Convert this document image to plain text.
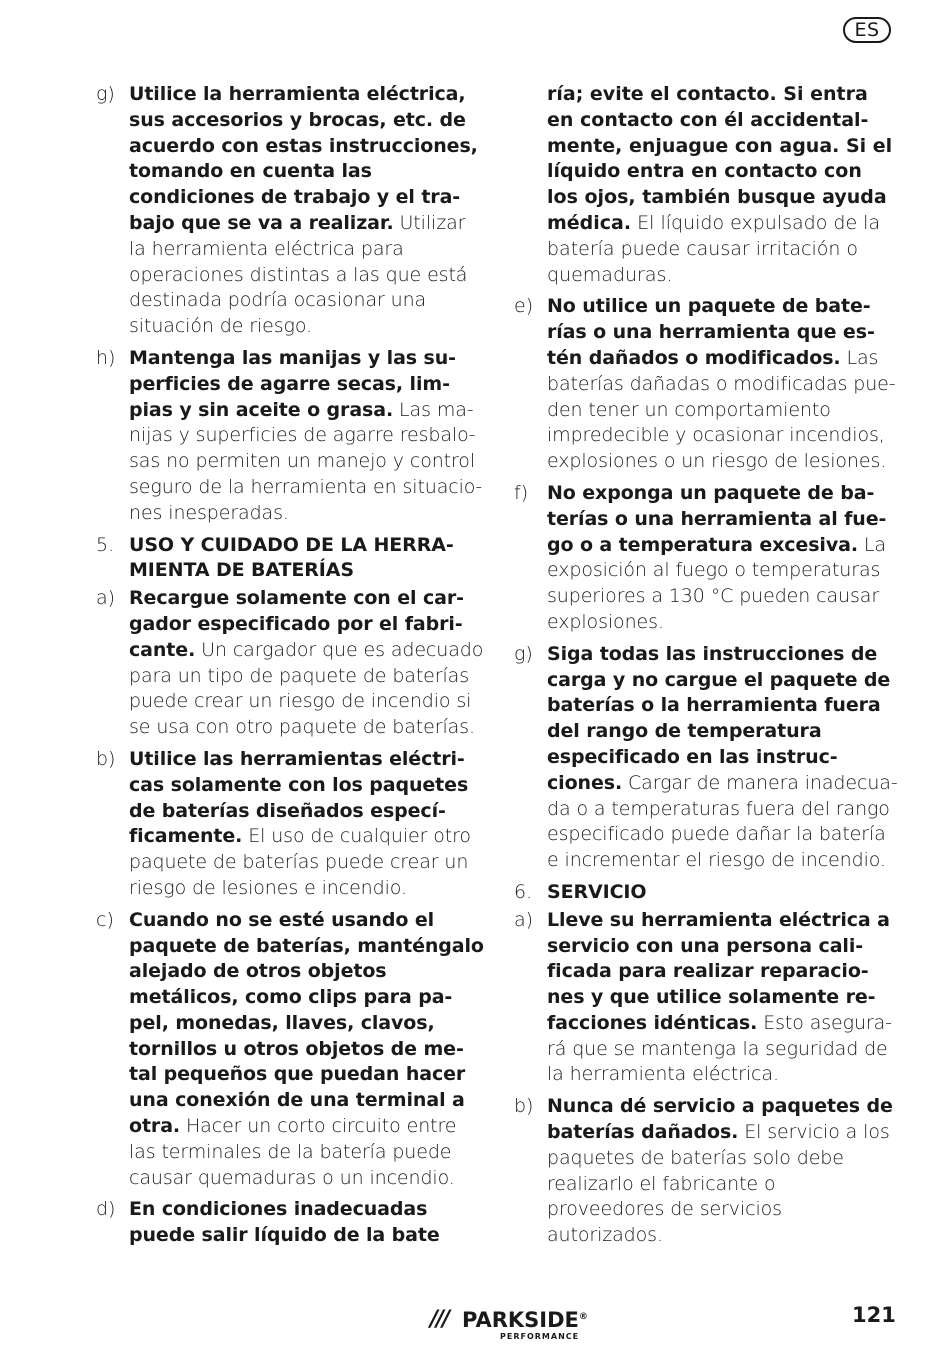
ES
g) Utilice la herramienta eléctrica, sus accesorios y brocas, etc. de acuerdo con estas instrucciones, tomando en cuenta las condiciones de trabajo y el trabajo que se va a realizar. Utilizar la herramienta eléctrica para operaciones distintas a las que está destinada podría ocasionar una situación de riesgo.
h) Mantenga las manijas y las superficies de agarre secas, limpias y sin aceite o grasa. Las manijas y superficies de agarre resbalosas no permiten un manejo y control seguro de la herramienta en situaciones inesperadas.
5. USO Y CUIDADO DE LA HERRAMIENTA DE BATERÍAS
a) Recargue solamente con el cargador especificado por el fabricante. Un cargador que es adecuado para un tipo de paquete de baterías puede crear un riesgo de incendio si se usa con otro paquete de baterías.
b) Utilice las herramientas eléctricas solamente con los paquetes de baterías diseñados específicamente. El uso de cualquier otro paquete de baterías puede crear un riesgo de lesiones e incendio.
c) Cuando no se esté usando el paquete de baterías, manténgalo alejado de otros objetos metálicos, como clips para papel, monedas, llaves, clavos, tornillos u otros objetos de metal pequeños que puedan hacer una conexión de una terminal a otra. Hacer un corto circuito entre las terminales de la batería puede causar quemaduras o un incendio.
d) En condiciones inadecuadas puede salir líquido de la bate
ría; evite el contacto. Si entra en contacto con él accidentalmente, enjuague con agua. Si el líquido entra en contacto con los ojos, también busque ayuda médica. El líquido expulsado de la batería puede causar irritación o quemaduras.
e) No utilice un paquete de baterías o una herramienta que estén dañados o modificados. Las baterías dañadas o modificadas pueden tener un comportamiento impredecible y ocasionar incendios, explosiones o un riesgo de lesiones.
f) No exponga un paquete de baterías o una herramienta al fuego o a temperatura excesiva. La exposición al fuego o temperaturas superiores a 130 °C pueden causar explosiones.
g) Siga todas las instrucciones de carga y no cargue el paquete de baterías o la herramienta fuera del rango de temperatura especificado en las instrucciones. Cargar de manera inadecuada o a temperaturas fuera del rango especificado puede dañar la batería e incrementar el riesgo de incendio.
6. SERVICIO
a) Lleve su herramienta eléctrica a servicio con una persona calificada para realizar reparaciones y que utilice solamente refacciones idénticas. Esto asegurará que se mantenga la seguridad de la herramienta eléctrica.
b) Nunca dé servicio a paquetes de baterías dañados. El servicio a los paquetes de baterías solo debe realizarlo el fabricante o proveedores de servicios autorizados.
/// PARKSIDE®
PERFORMANCE
121
